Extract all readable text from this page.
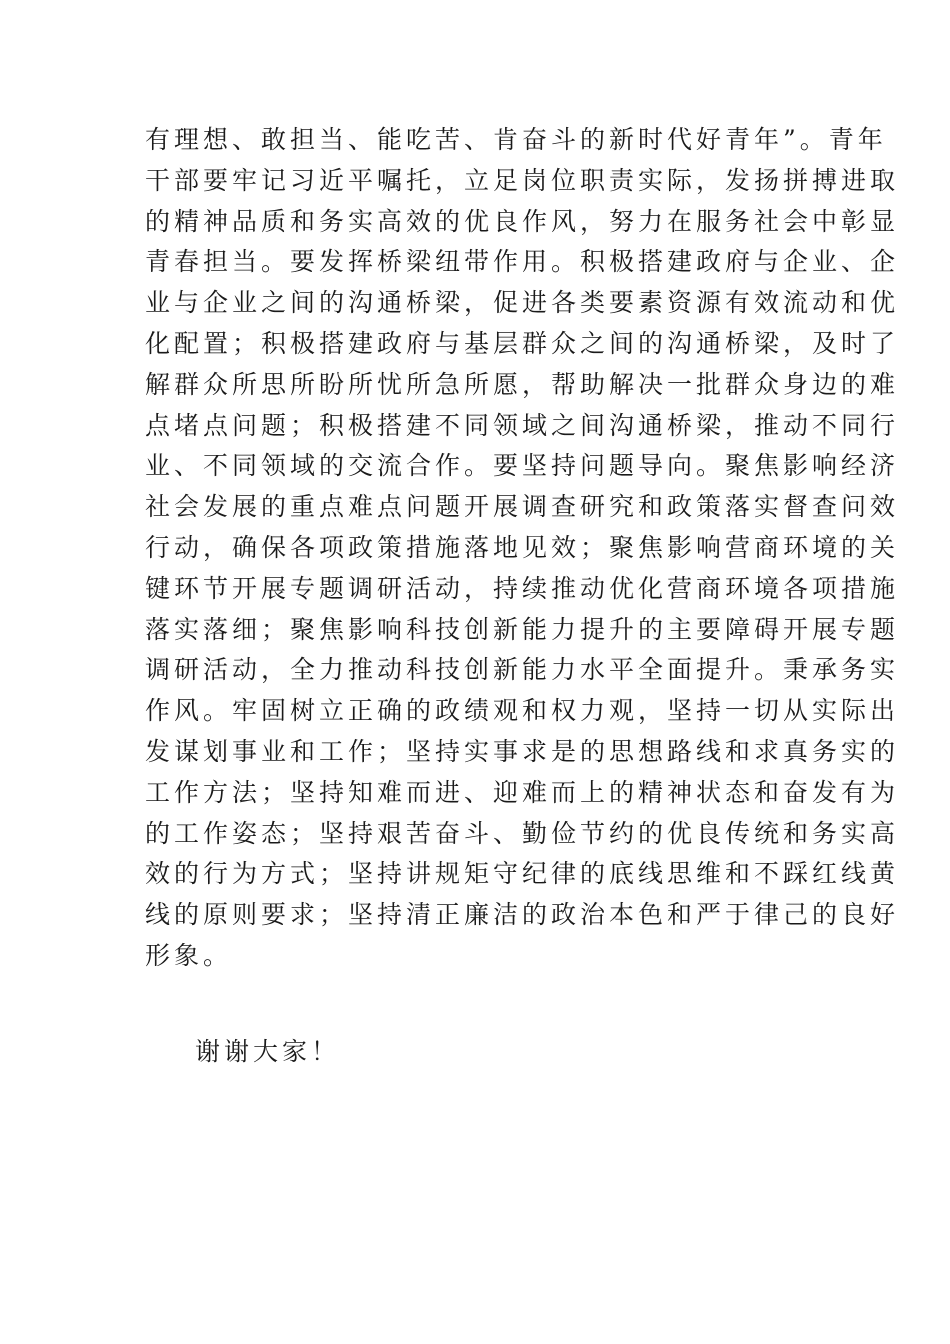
有理想、敢担当、能吃苦、肯奋斗的新时代好青年”。青年
干部要牢记习近平嘱托，立足岗位职责实际，发扬拼搏进取
的精神品质和务实高效的优良作风，努力在服务社会中彰显
青春担当。要发挥桥梁纽带作用。积极搭建政府与企业、企
业与企业之间的沟通桥梁，促进各类要素资源有效流动和优
化配置；积极搭建政府与基层群众之间的沟通桥梁，及时了
解群众所思所盼所忧所急所愿，帮助解决一批群众身边的难
点堵点问题；积极搭建不同领域之间沟通桥梁，推动不同行
业、不同领域的交流合作。要坚持问题导向。聚焦影响经济
社会发展的重点难点问题开展调查研究和政策落实督查问效
行动，确保各项政策措施落地见效；聚焦影响营商环境的关
键环节开展专题调研活动，持续推动优化营商环境各项措施
落实落细；聚焦影响科技创新能力提升的主要障碍开展专题
调研活动，全力推动科技创新能力水平全面提升。秉承务实
作风。牢固树立正确的政绩观和权力观，坚持一切从实际出
发谋划事业和工作；坚持实事求是的思想路线和求真务实的
工作方法；坚持知难而进、迎难而上的精神状态和奋发有为
的工作姿态；坚持艰苦奋斗、勤俭节约的优良传统和务实高
效的行为方式；坚持讲规矩守纪律的底线思维和不踩红线黄
线的原则要求；坚持清正廉洁的政治本色和严于律己的良好
形象。
谢谢大家！
